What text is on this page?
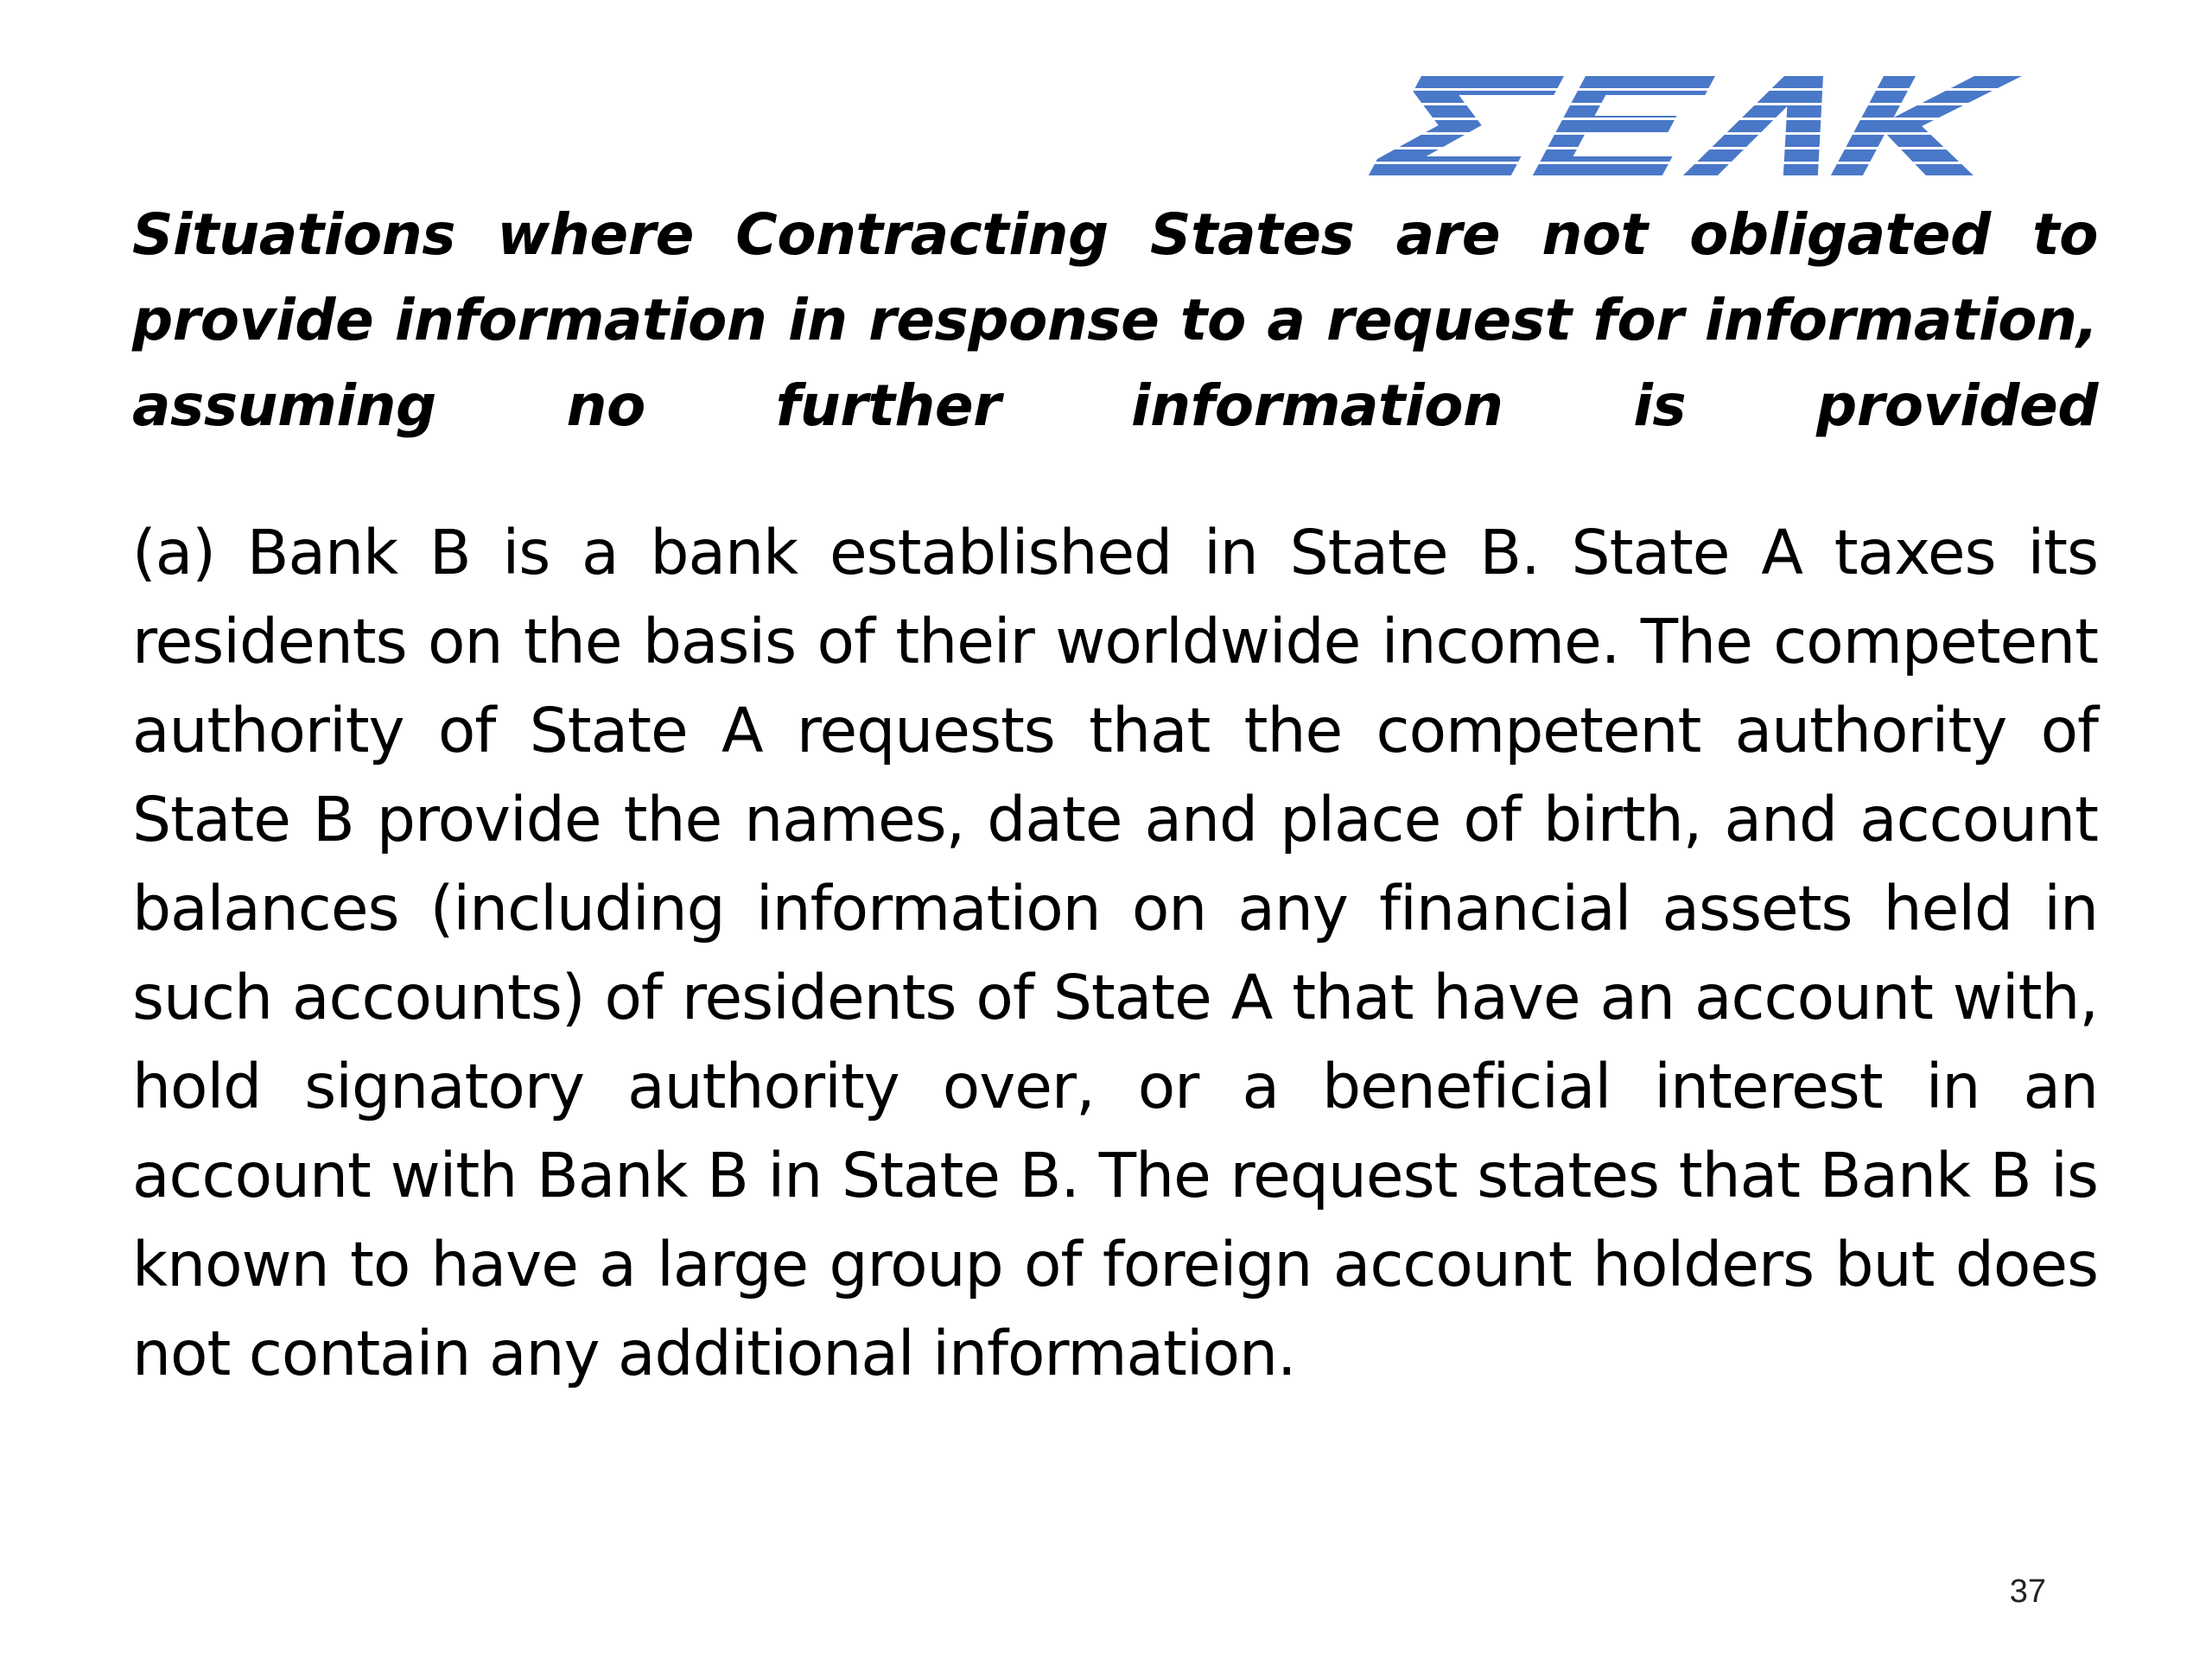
Situations where Contracting States are not obligated to provide information in response to a request for information, assuming no further information is provided

(a) Bank B is a bank established in State B. State A taxes its residents on the basis of their worldwide income. The competent authority of State A requests that the competent authority of State B provide the names, date and place of birth, and account balances (including information on any financial assets held in such accounts) of residents of State A that have an account with, hold signatory authority over, or a beneficial interest in an account with Bank B in State B. The request states that Bank B is known to have a large group of foreign account holders but does not contain any additional information.

37
